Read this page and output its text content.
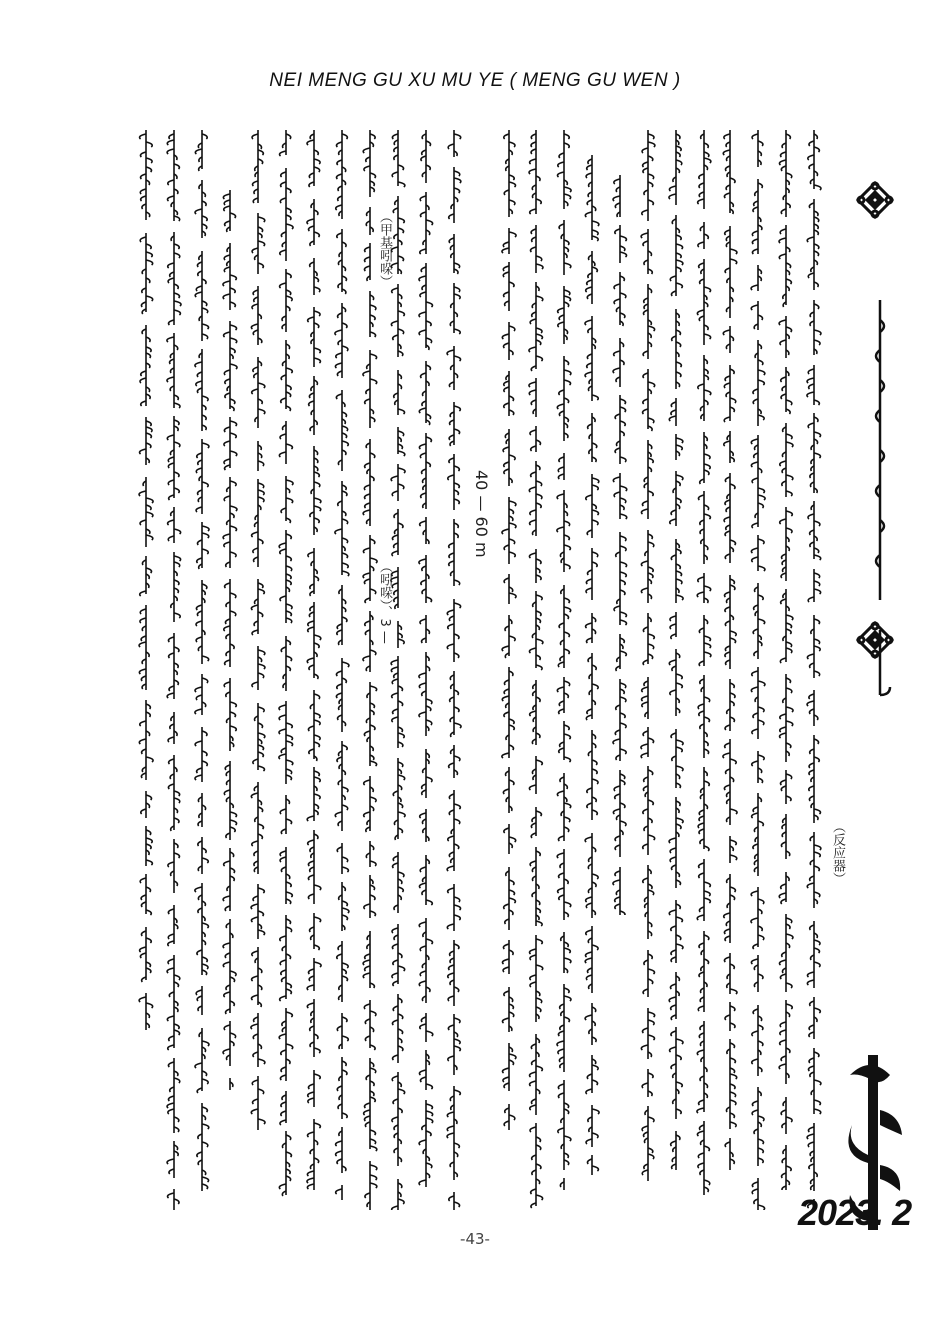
NEI MENG GU XU MU YE ( MENG GU WEN )
2023. 2
-43-
（反应器）
40 — 60 m
（甲基吲哚）
（吲哚）、3 —
